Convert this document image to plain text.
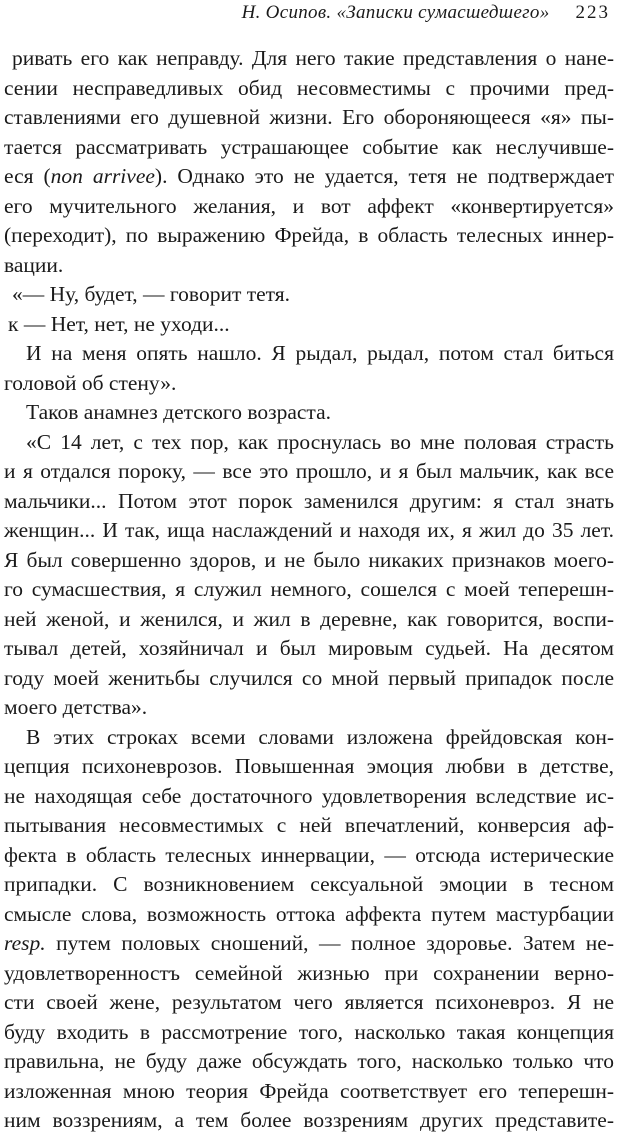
Н. Осипов. «Записки сумасшедшего» 223
ривать его как неправду. Для него такие представления о нане-
сении несправедливых обид несовместимы с прочими пред-
ставлениями его душевной жизни. Его обороняющееся «я» пы-
тается рассматривать устрашающее событие как неслучивше-
еся (non arrivee). Однако это не удается, тетя не подтверждает
его мучительного желания, и вот аффект «конвертируется»
(переходит), по выражению Фрейда, в область телесных иннер-
вации.
«— Ну, будет, — говорит тетя.
к — Нет, нет, не уходи...
И на меня опять нашло. Я рыдал, рыдал, потом стал биться
головой об стену».
Таков анамнез детского возраста.
«С 14 лет, с тех пор, как проснулась во мне половая страсть
и я отдался пороку, — все это прошло, и я был мальчик, как все
мальчики... Потом этот порок заменился другим: я стал знать
женщин... И так, ища наслаждений и находя их, я жил до 35 лет.
Я был совершенно здоров, и не было никаких признаков моего-
го сумасшествия, я служил немного, сошелся с моей теперешн-
ней женой, и женился, и жил в деревне, как говорится, воспи-
тывал детей, хозяйничал и был мировым судьей. На десятом
году моей женитьбы случился со мной первый припадок после
моего детства».
В этих строках всеми словами изложена фрейдовская кон-
цепция психоневрозов. Повышенная эмоция любви в детстве,
не находящая себе достаточного удовлетворения вследствие ис-
пытывания несовместимых с ней впечатлений, конверсия аф-
фекта в область телесных иннервации, — отсюда истерические
припадки. С возникновением сексуальной эмоции в тесном
смысле слова, возможность оттока аффекта путем мастурбации
resp. путем половых сношений, — полное здоровье. Затем не-
удовлетворенностъ семейной жизнью при сохранении верно-
сти своей жене, результатом чего является психоневроз. Я не
буду входить в рассмотрение того, насколько такая концепция
правильна, не буду даже обсуждать того, насколько только что
изложенная мною теория Фрейда соответствует его теперешн-
ним воззрениям, а тем более воззрениям других представите-
